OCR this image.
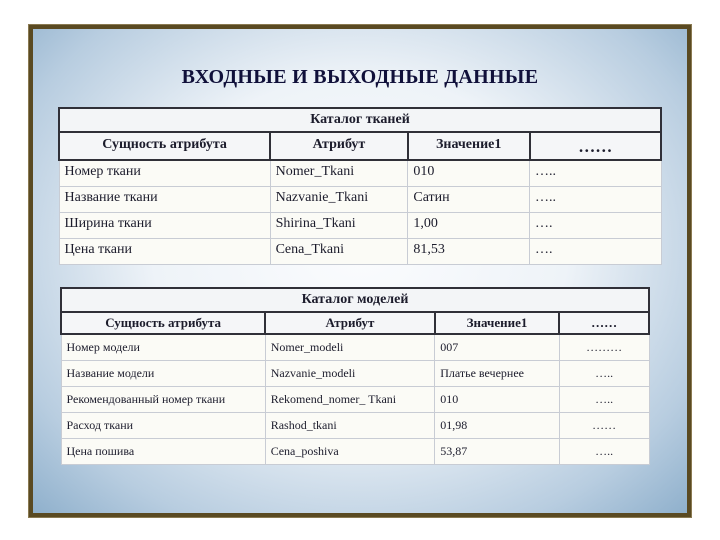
ВХОДНЫЕ И ВЫХОДНЫЕ ДАННЫЕ
Каталог тканей			
Сущность атрибута	Атрибут	Значение1	……
Номер ткани	Nomer_Tkani	010	…..
Название ткани	Nazvanie_Tkani	Сатин	…..
Ширина ткани	Shirina_Tkani	1,00	….
Цена ткани	Cena_Tkani	81,53	….
Каталог моделей			
Сущность атрибута	Атрибут	Значение1	……
Номер модели	Nomer_modeli	007	………
Название модели	Nazvanie_modeli	Платье вечернее	…..
Рекомендованный номер ткани	Rekomend_nomer_ Tkani	010	…..
Расход ткани	Rashod_tkani	01,98	……
Цена пошива	Cena_poshiva	53,87	…..
